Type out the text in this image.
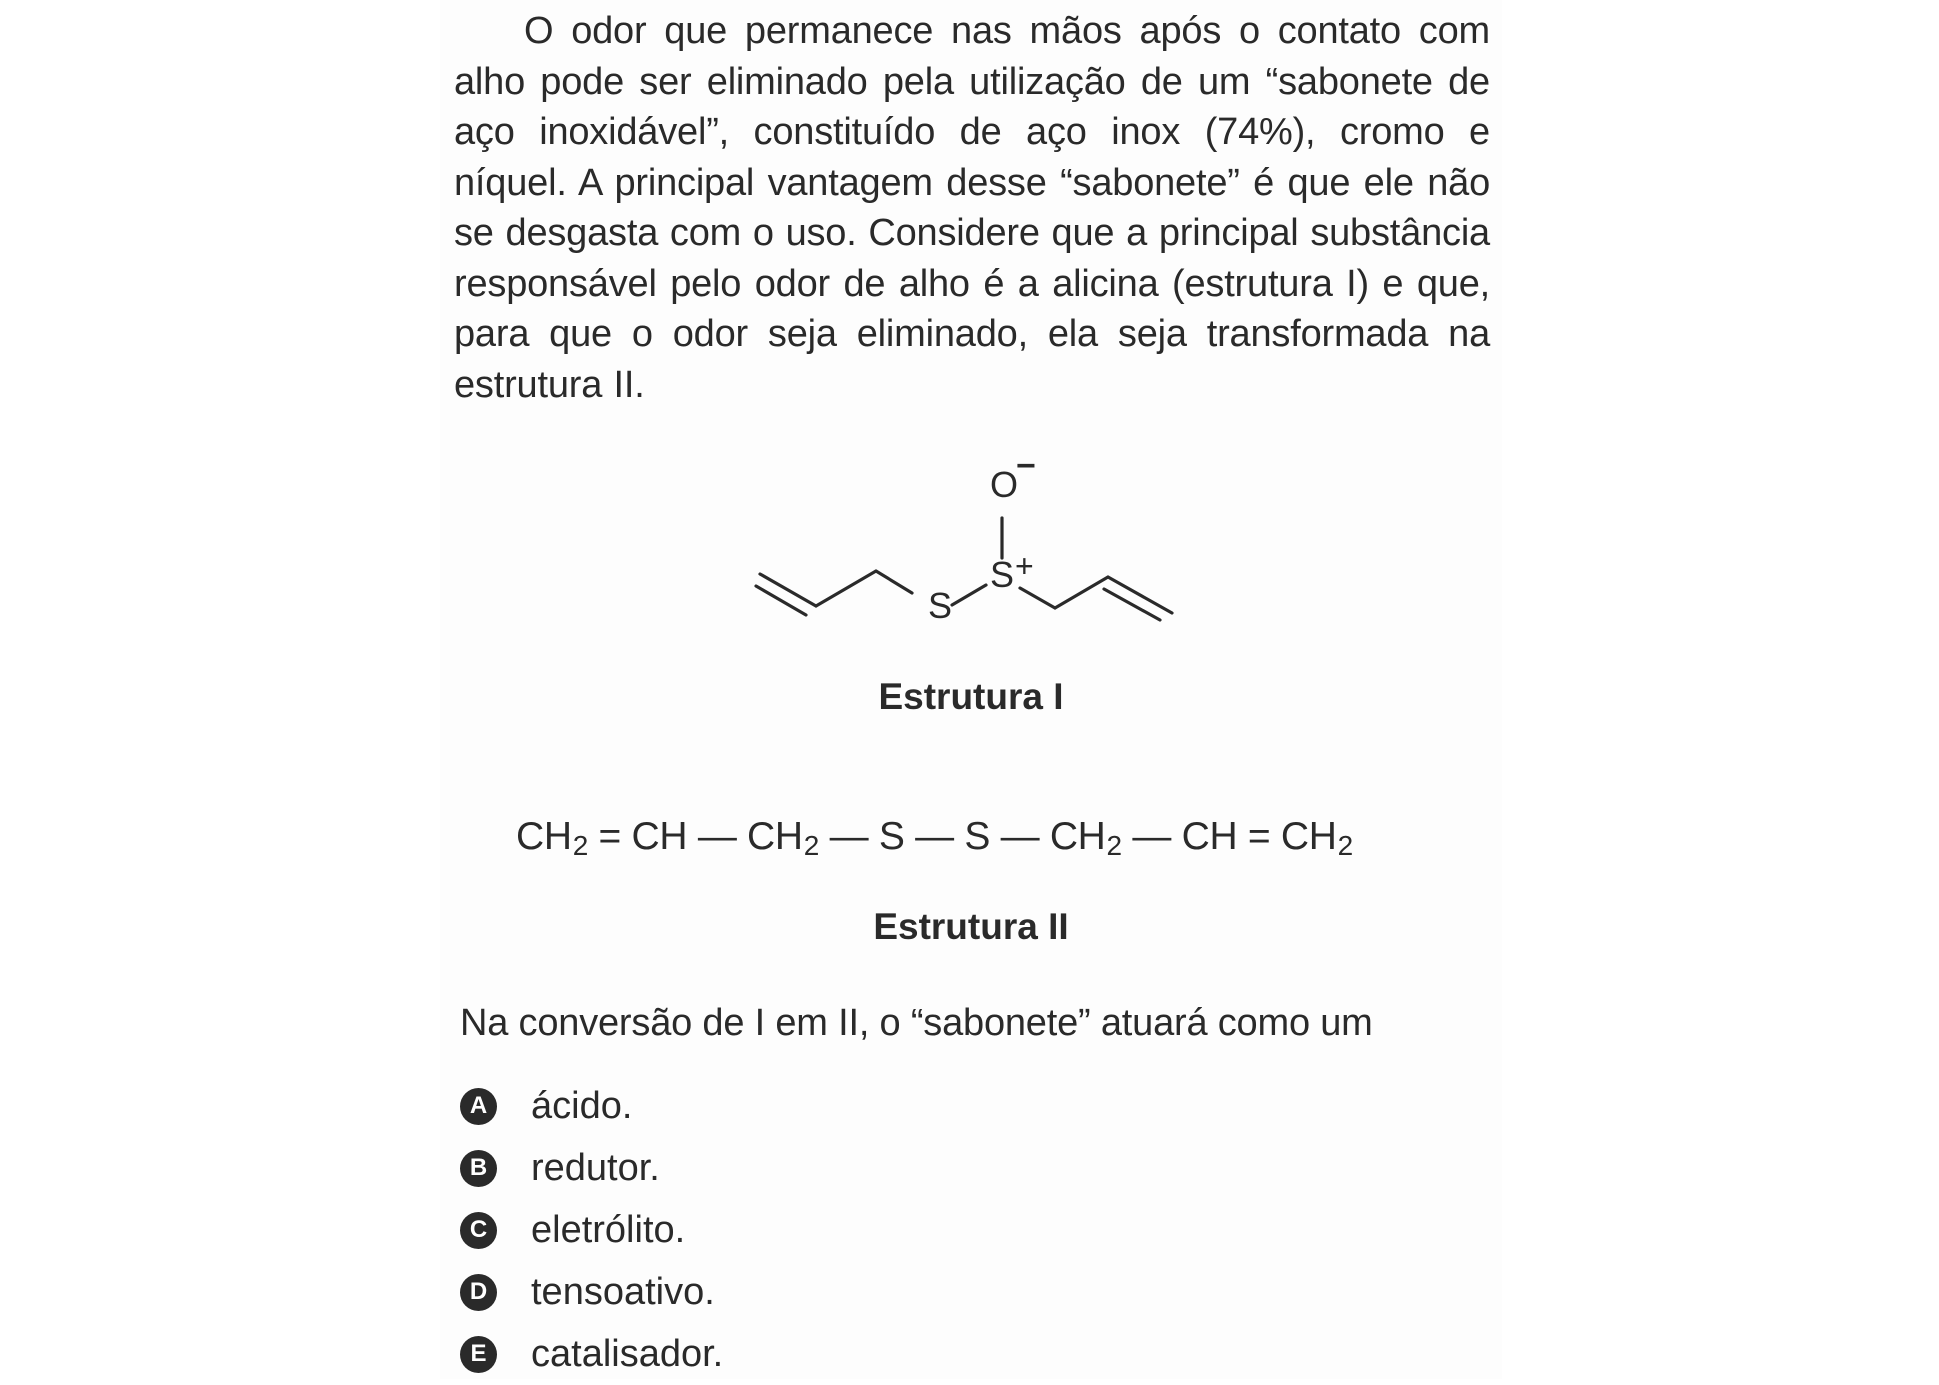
O odor que permanece nas mãos após o contato com alho pode ser eliminado pela utilização de um “sabonete de aço inoxidável”, constituído de aço inox (74%), cromo e níquel. A principal vantagem desse “sabonete” é que ele não se desgasta com o uso. Considere que a principal substância responsável pelo odor de alho é a alicina (estrutura I) e que, para que o odor seja eliminado, ela seja transformada na estrutura II.

S
O
−
S +

Estrutura I

$CH_2$ = CH — $CH_2$ — S — S — $CH_2$ — CH = $CH_2$

Estrutura II

Na conversão de I em II, o “sabonete” atuará como um

A ácido.
B redutor.
C eletrólito.
D tensoativo.
E catalisador.
